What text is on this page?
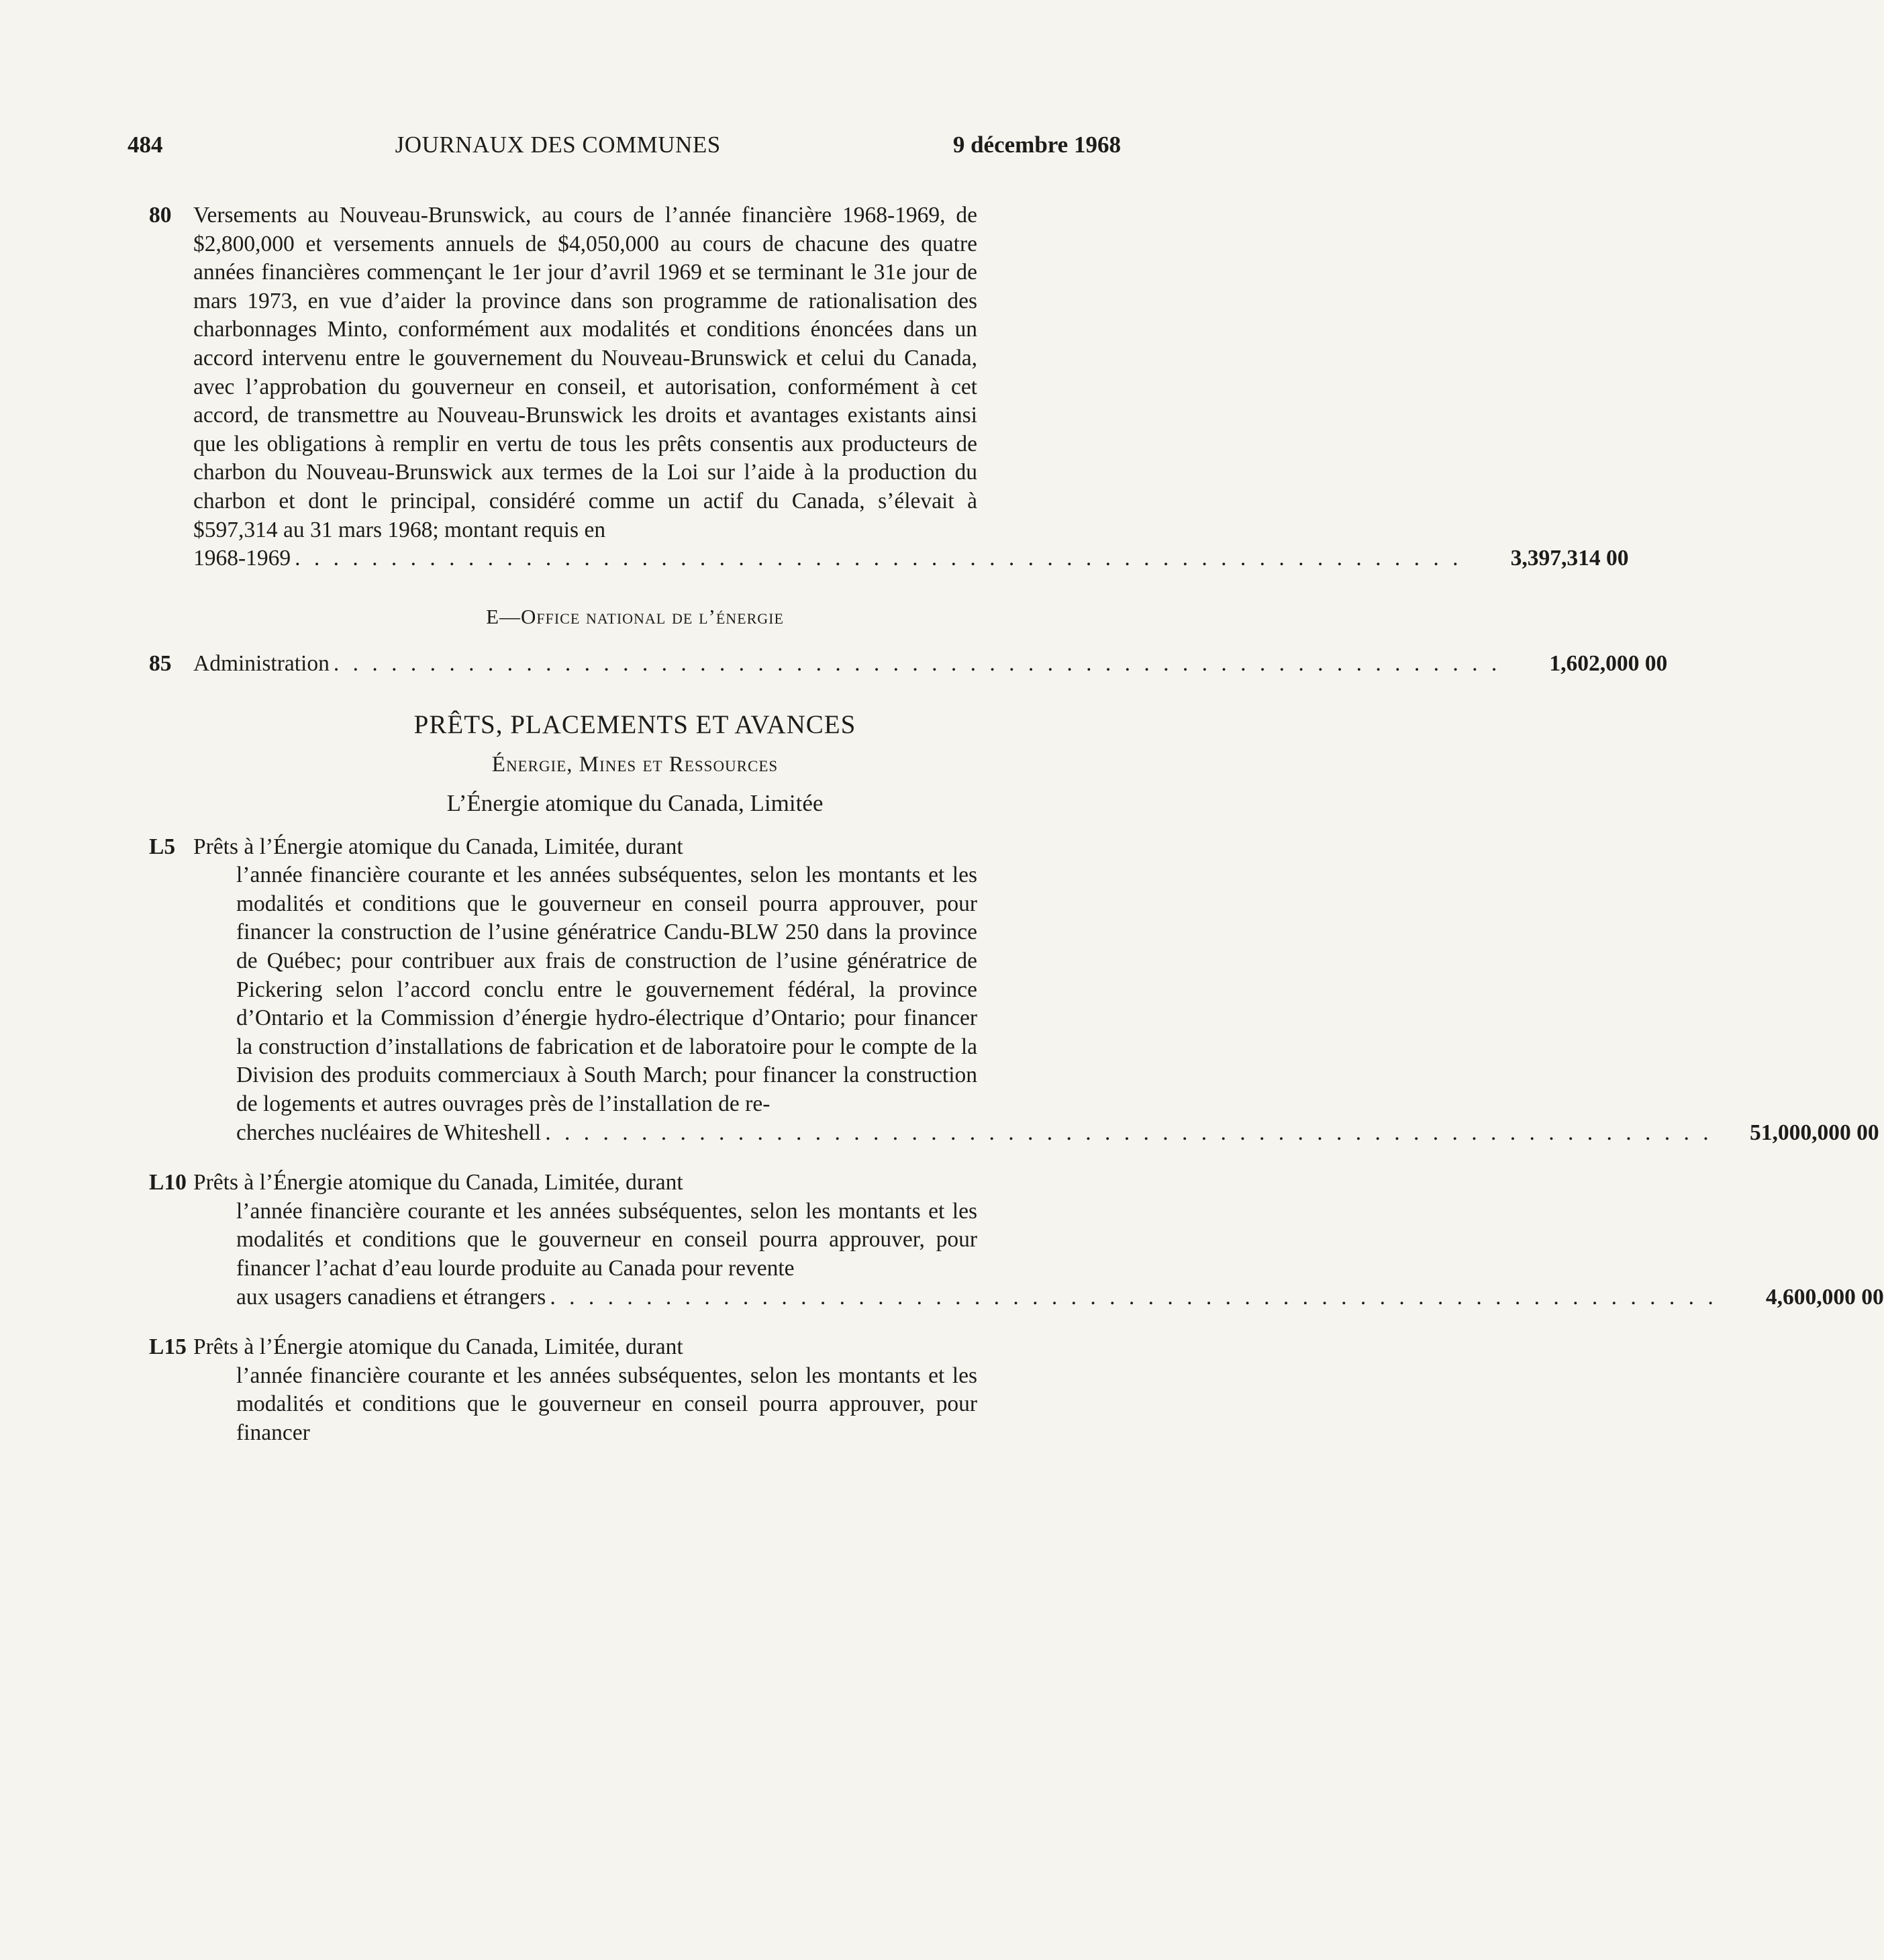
484	JOURNAUX DES COMMUNES	9 décembre 1968
80 Versements au Nouveau-Brunswick, au cours de l’année financière 1968-1969, de $2,800,000 et versements annuels de $4,050,000 au cours de chacune des quatre années financières commençant le 1er jour d’avril 1969 et se terminant le 31e jour de mars 1973, en vue d’aider la province dans son programme de rationalisation des charbonnages Minto, conformément aux modalités et conditions énoncées dans un accord intervenu entre le gouvernement du Nouveau-Brunswick et celui du Canada, avec l’approbation du gouverneur en conseil, et autorisation, conformément à cet accord, de transmettre au Nouveau-Brunswick les droits et avantages existants ainsi que les obligations à remplir en vertu de tous les prêts consentis aux producteurs de charbon du Nouveau-Brunswick aux termes de la Loi sur l’aide à la production du charbon et dont le principal, considéré comme un actif du Canada, s’élevait à $597,314 au 31 mars 1968; montant requis en
1968-1969 . . . . . . . . . . . . . . . . . . . . . . . . . . . . . . . . . . . . . . . . . . . . . . . . . . . . . . . . . . . . .	3,397,314 00
E—Office national de l’énergie
85 Administration . . . . . . . . . . . . . . . . . . . . . . . . . . . . . . . . . . . . . . . . . . . . . . . . . . . . . . . . . . . . .	1,602,000 00
PRÊTS, PLACEMENTS ET AVANCES
Énergie, Mines et Ressources
L’Énergie atomique du Canada, Limitée
L5 Prêts à l’Énergie atomique du Canada, Limitée, durant
l’année financière courante et les années subséquentes, selon les montants et les modalités et conditions que le gouverneur en conseil pourra approuver, pour financer la construction de l’usine génératrice Candu-BLW 250 dans la province de Québec; pour contribuer aux frais de construction de l’usine génératrice de Pickering selon l’accord conclu entre le gouvernement fédéral, la province d’Ontario et la Commission d’énergie hydro-électrique d’Ontario; pour financer la construction d’installations de fabrication et de laboratoire pour le compte de la Division des produits commerciaux à South March; pour financer la construction de logements et autres ouvrages près de l’installation de re-
cherches nucléaires de Whiteshell . . . . . . . . . . . . . . . . . . . . . . . . . . . . . . . . . . . . . . . . . . . . . . . . . . . . . . . . . . . . .	51,000,000 00
L10 Prêts à l’Énergie atomique du Canada, Limitée, durant
l’année financière courante et les années subséquentes, selon les montants et les modalités et conditions que le gouverneur en conseil pourra approuver, pour financer l’achat d’eau lourde produite au Canada pour revente
aux usagers canadiens et étrangers . . . . . . . . . . . . . . . . . . . . . . . . . . . . . . . . . . . . . . . . . . . . . . . . . . . . . . . . . . . . .	4,600,000 00
L15 Prêts à l’Énergie atomique du Canada, Limitée, durant
l’année financière courante et les années subséquentes, selon les montants et les modalités et conditions que le gouverneur en conseil pourra approuver, pour financer
